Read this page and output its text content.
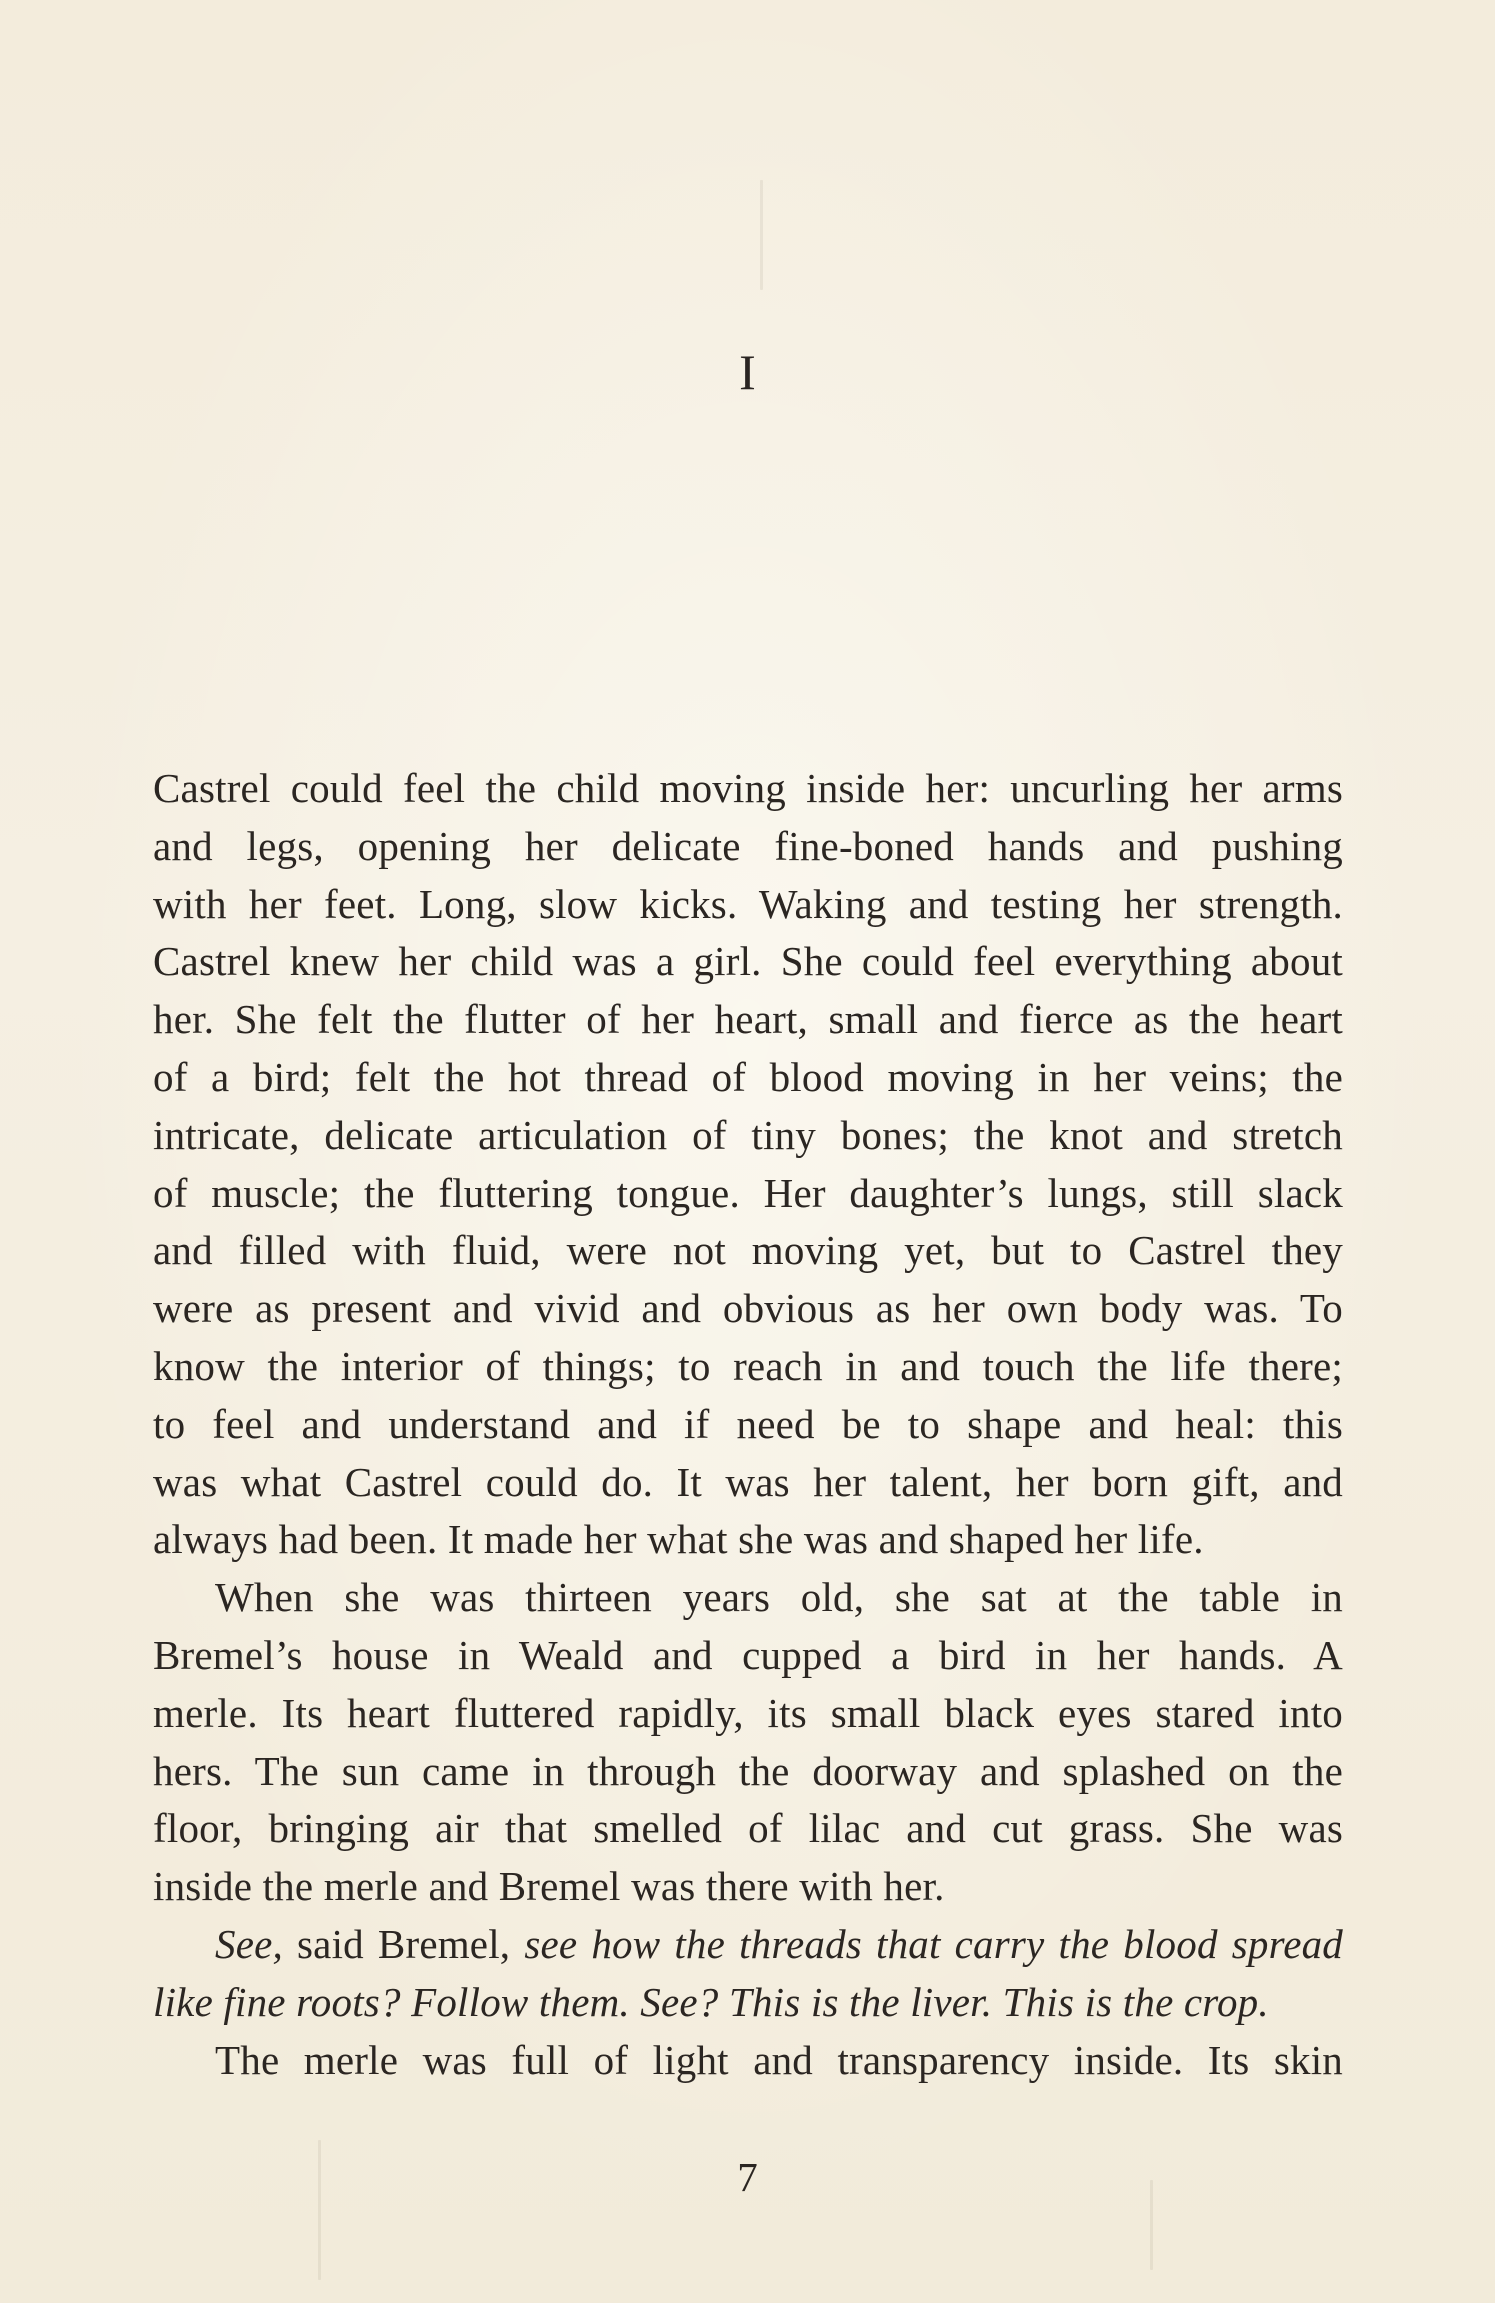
I
Castrel could feel the child moving inside her: uncurling her arms
and legs, opening her delicate fine-boned hands and pushing
with her feet. Long, slow kicks. Waking and testing her strength.
Castrel knew her child was a girl. She could feel everything about
her. She felt the flutter of her heart, small and fierce as the heart
of a bird; felt the hot thread of blood moving in her veins; the
intricate, delicate articulation of tiny bones; the knot and stretch
of muscle; the fluttering tongue. Her daughter’s lungs, still slack
and filled with fluid, were not moving yet, but to Castrel they
were as present and vivid and obvious as her own body was. To
know the interior of things; to reach in and touch the life there;
to feel and understand and if need be to shape and heal: this
was what Castrel could do. It was her talent, her born gift, and
always had been. It made her what she was and shaped her life.
When she was thirteen years old, she sat at the table in
Bremel’s house in Weald and cupped a bird in her hands. A
merle. Its heart fluttered rapidly, its small black eyes stared into
hers. The sun came in through the doorway and splashed on the
floor, bringing air that smelled of lilac and cut grass. She was
inside the merle and Bremel was there with her.
See, said Bremel, see how the threads that carry the blood spread
like fine roots? Follow them. See? This is the liver. This is the crop.
The merle was full of light and transparency inside. Its skin
7
